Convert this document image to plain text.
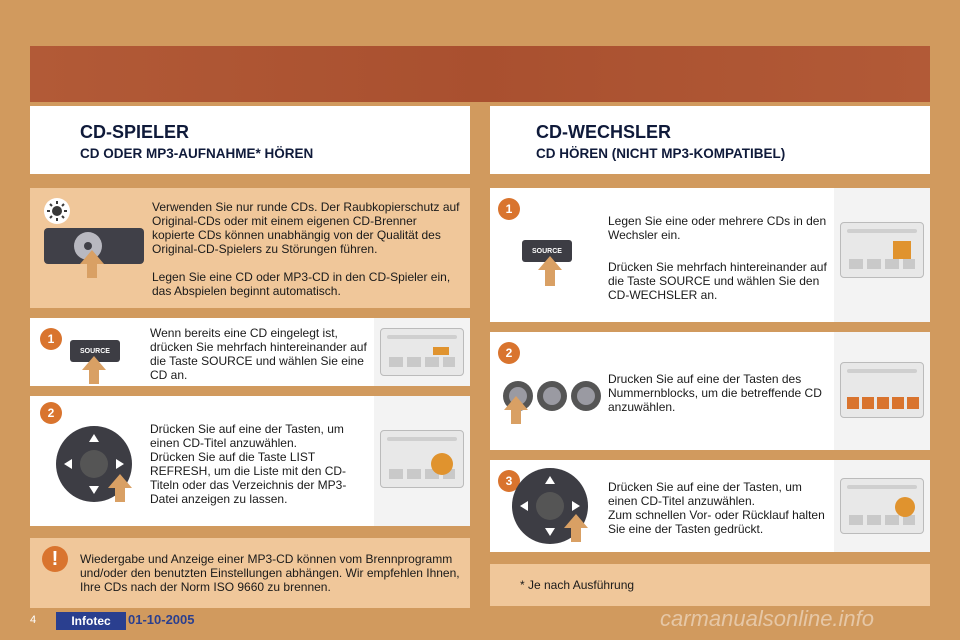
CD-SPIELER
CD ODER MP3-AUFNAHME* HÖREN
CD-WECHSLER
CD HÖREN (NICHT MP3-KOMPATIBEL)
Verwenden Sie nur runde CDs. Der Raubkopierschutz auf Original-CDs oder mit einem eigenen CD-Brenner kopierte CDs können unabhängig von der Qualität des Original-CD-Spielers zu Störungen führen.
Legen Sie eine CD oder MP3-CD in den CD-Spieler ein, das Abspielen beginnt automatisch.
1
SOURCE
Wenn bereits eine CD eingelegt ist, drücken Sie mehrfach hintereinander auf die Taste SOURCE und wählen Sie eine CD an.
2
Drücken Sie auf eine der Tasten, um einen CD-Titel anzuwählen.
Drücken Sie auf die Taste LIST REFRESH, um die Liste mit den CD-Titeln oder das Verzeichnis der MP3-Datei anzeigen zu lassen.
!	Wiedergabe und Anzeige einer MP3-CD können vom Brennprogramm und/oder den benutzten Einstellungen abhängen. Wir empfehlen Ihnen, Ihre CDs nach der Norm ISO 9660 zu brennen.
1
SOURCE
Legen Sie eine oder mehrere CDs in den Wechsler ein.
Drücken Sie mehrfach hintereinander auf die Taste SOURCE und wählen Sie den CD-WECHSLER an.
2
Drucken Sie auf eine der Tasten des Nummernblocks, um die betreffende CD anzuwählen.
3	Drücken Sie auf eine der Tasten, um einen CD-Titel anzuwählen.
Zum schnellen Vor- oder Rücklauf halten Sie eine der Tasten gedrückt.
* Je nach Ausführung
4	Infotec	01-10-2005	carmanualsonline.info
